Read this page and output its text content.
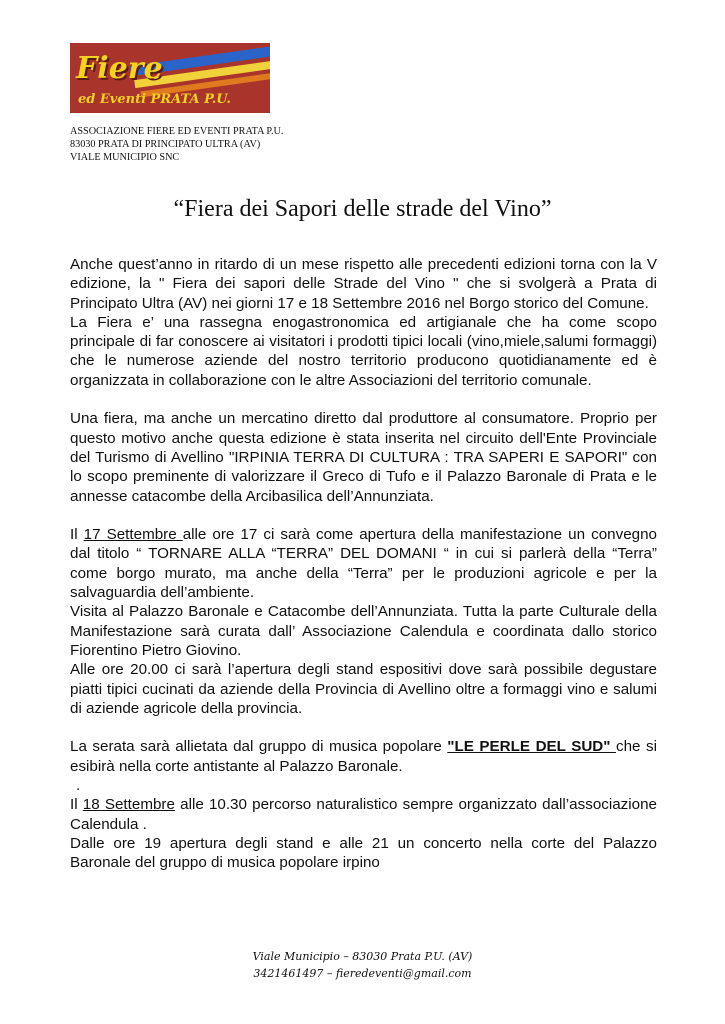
Fiere
ed Eventi PRATA P.U.
ASSOCIAZIONE FIERE ED EVENTI PRATA P.U.
83030 PRATA DI PRINCIPATO ULTRA (AV)
VIALE MUNICIPIO SNC
“Fiera dei Sapori delle strade del Vino”

Anche quest’anno in ritardo di un mese rispetto alle precedenti edizioni torna con la V edizione, la " Fiera dei sapori delle Strade del Vino " che si svolgerà a Prata di Principato Ultra (AV) nei giorni 17 e 18 Settembre 2016 nel Borgo storico del Comune.

La Fiera e’ una rassegna enogastronomica ed artigianale che ha come scopo principale di far conoscere ai visitatori i prodotti tipici locali (vino,miele,salumi formaggi) che le numerose aziende del nostro territorio producono quotidianamente ed è organizzata in collaborazione con le altre Associazioni del territorio comunale.

Una fiera, ma anche un mercatino diretto dal produttore al consumatore. Proprio per questo motivo anche questa edizione è stata inserita nel circuito dell'Ente Provinciale del Turismo di Avellino "IRPINIA TERRA DI CULTURA : TRA SAPERI E SAPORI" con lo scopo preminente di valorizzare il Greco di Tufo e il Palazzo Baronale di Prata e le annesse catacombe della Arcibasilica dell’Annunziata.

Il 17 Settembre alle ore 17 ci sarà come apertura della manifestazione un convegno dal titolo “ TORNARE ALLA “TERRA” DEL DOMANI “ in cui si parlerà della “Terra” come borgo murato, ma anche della “Terra” per le produzioni agricole e per la salvaguardia dell’ambiente.

Visita al Palazzo Baronale e Catacombe dell’Annunziata. Tutta la parte Culturale della Manifestazione sarà curata dall’ Associazione Calendula e coordinata dallo storico Fiorentino Pietro Giovino.

Alle ore 20.00 ci sarà l’apertura degli stand espositivi dove sarà possibile degustare piatti tipici cucinati da aziende della Provincia di Avellino oltre a formaggi vino e salumi di aziende agricole della provincia.

La serata sarà allietata dal gruppo di musica popolare "LE PERLE DEL SUD" che si esibirà nella corte antistante al Palazzo Baronale.

.

Il 18 Settembre alle 10.30 percorso naturalistico sempre organizzato dall’associazione Calendula .

Dalle ore 19 apertura degli stand e alle 21 un concerto nella corte del Palazzo Baronale del gruppo di musica popolare irpino

Viale Municipio – 83030 Prata P.U. (AV)
3421461497 – fieredeventi@gmail.com
